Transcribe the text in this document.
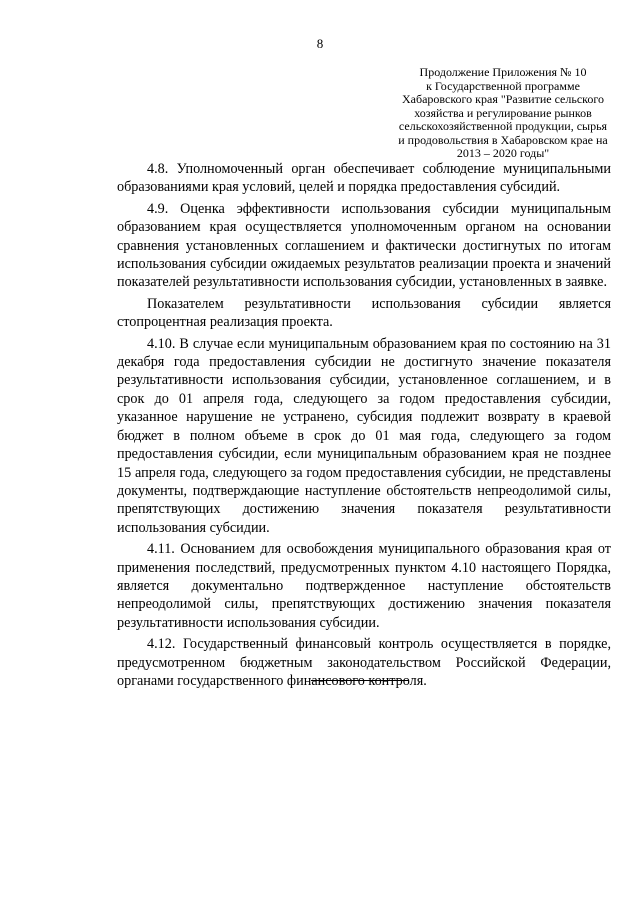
8
Продолжение Приложения № 10
к Государственной программе
Хабаровского края "Развитие сельского
хозяйства и регулирование рынков
сельскохозяйственной продукции, сырья
и продовольствия в Хабаровском крае на
2013 – 2020 годы"

4.8. Уполномоченный орган обеспечивает соблюдение муниципальными образованиями края условий, целей и порядка предоставления субсидий.

4.9. Оценка эффективности использования субсидии муниципальным образованием края осуществляется уполномоченным органом на основании сравнения установленных соглашением и фактически достигнутых по итогам использования субсидии ожидаемых результатов реализации проекта и значений показателей результативности использования субсидии, установленных в заявке.

Показателем результативности использования субсидии является стопроцентная реализация проекта.

4.10. В случае если муниципальным образованием края по состоянию на 31 декабря года предоставления субсидии не достигнуто значение показателя результативности использования субсидии, установленное соглашением, и в срок до 01 апреля года, следующего за годом предоставления субсидии, указанное нарушение не устранено, субсидия подлежит возврату в краевой бюджет в полном объеме в срок до 01 мая года, следующего за годом предоставления субсидии, если муниципальным образованием края не позднее 15 апреля года, следующего за годом предоставления субсидии, не представлены документы, подтверждающие наступление обстоятельств непреодолимой силы, препятствующих достижению значения показателя результативности использования субсидии.

4.11. Основанием для освобождения муниципального образования края от применения последствий, предусмотренных пунктом 4.10 настоящего Порядка, является документально подтвержденное наступление обстоятельств непреодолимой силы, препятствующих достижению значения показателя результативности использования субсидии.

4.12. Государственный финансовый контроль осуществляется в порядке, предусмотренном бюджетным законодательством Российской Федерации, органами государственного финансового контроля.
